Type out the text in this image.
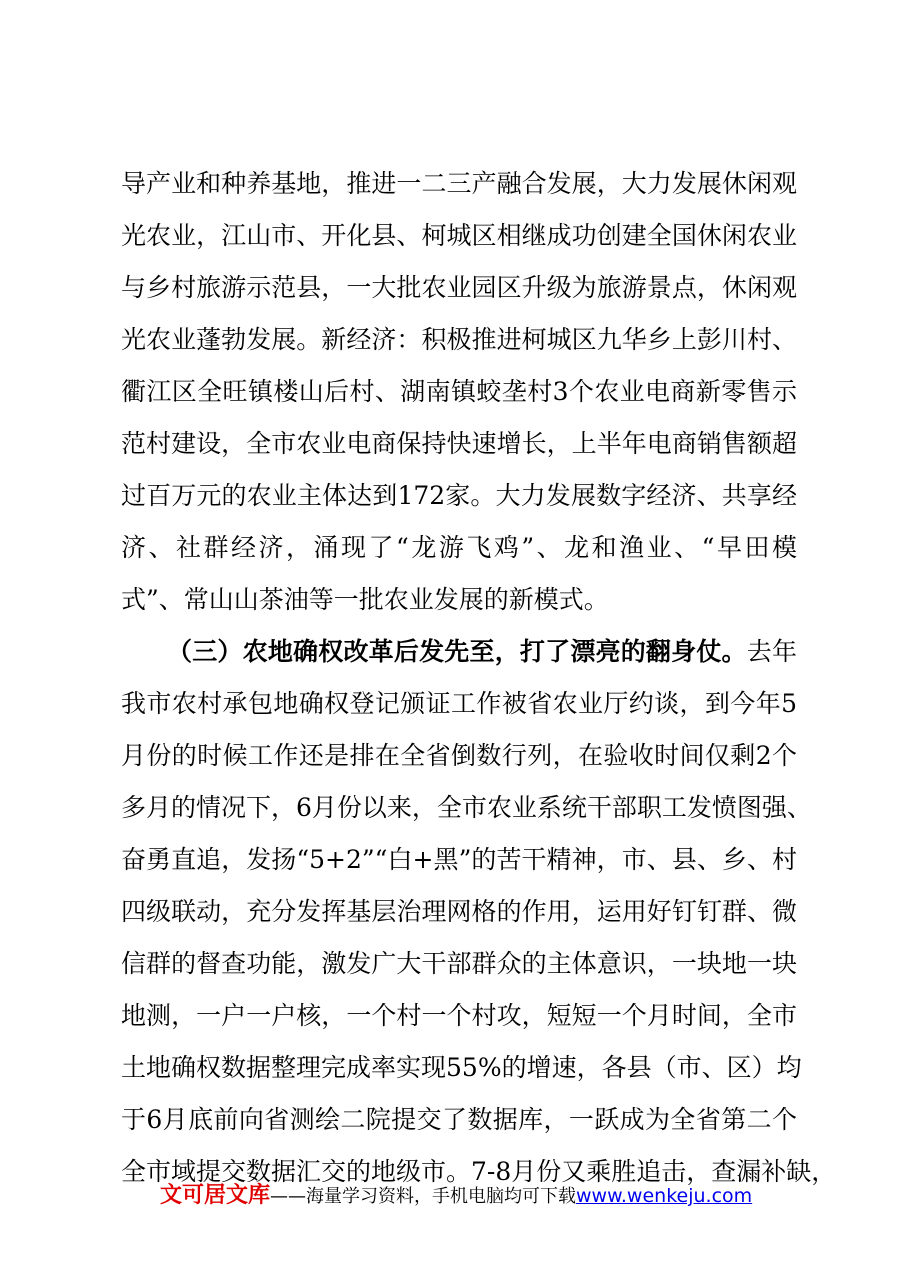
导产业和种养基地，推进一二三产融合发展，大力发展休闲观
光农业，江山市、开化县、柯城区相继成功创建全国休闲农业
与乡村旅游示范县，一大批农业园区升级为旅游景点，休闲观
光农业蓬勃发展。新经济：积极推进柯城区九华乡上彭川村、
衢江区全旺镇楼山后村、湖南镇蛟垄村3个农业电商新零售示
范村建设，全市农业电商保持快速增长，上半年电商销售额超
过百万元的农业主体达到172家。大力发展数字经济、共享经
济、社群经济，涌现了“龙游飞鸡”、龙和渔业、“早田模
式”、常山山茶油等一批农业发展的新模式。
（三）农地确权改革后发先至，打了漂亮的翻身仗。去年
我市农村承包地确权登记颁证工作被省农业厅约谈，到今年5
月份的时候工作还是排在全省倒数行列，在验收时间仅剩2个
多月的情况下，6月份以来，全市农业系统干部职工发愤图强、
奋勇直追，发扬“5+2”“白+黑”的苦干精神，市、县、乡、村
四级联动，充分发挥基层治理网格的作用，运用好钉钉群、微
信群的督查功能，激发广大干部群众的主体意识，一块地一块
地测，一户一户核，一个村一个村攻，短短一个月时间，全市
土地确权数据整理完成率实现55%的增速，各县（市、区）均
于6月底前向省测绘二院提交了数据库，一跃成为全省第二个
全市域提交数据汇交的地级市。7-8月份又乘胜追击，查漏补缺，
文可居文库——海量学习资料，手机电脑均可下载www.wenkeju.com
